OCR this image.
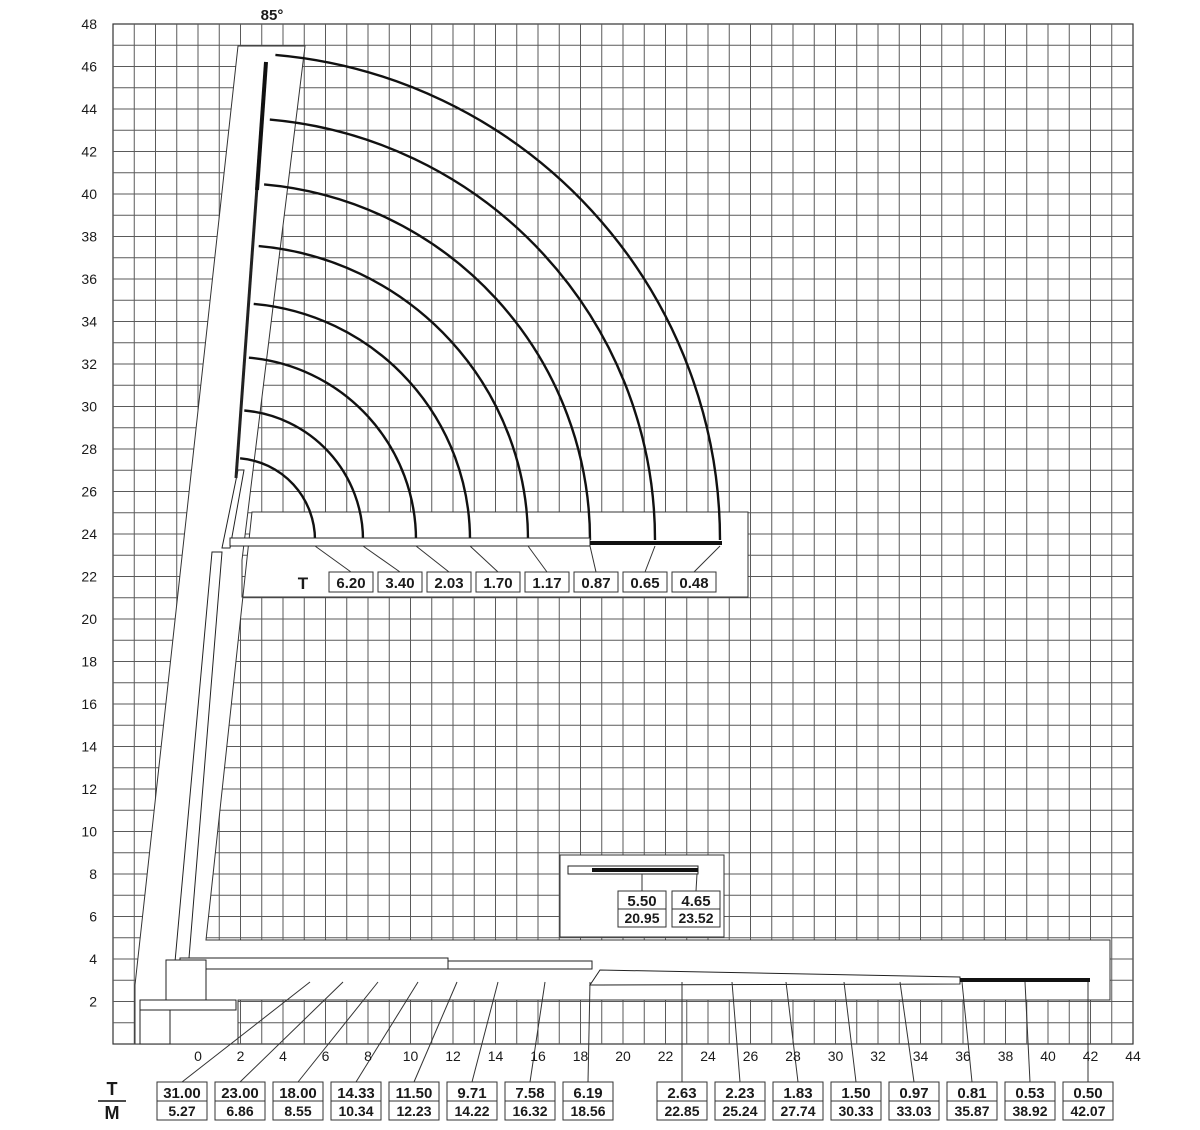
48
46
44
42
40
38
36
34
32
30
28
26
24
22
20
18
16
14
12
10
8
6
4
2
0 2 4 6 8 10 12 14 16 18 20 22 24 26 28 30 32 34 36 38 40 42 44
85°
T 6.20 3.40 2.03 1.70 1.17 0.87 0.65 0.48
5.50
20.95
4.65
23.52
T
M
31.00
5.27
23.00
6.86
18.00
8.55
14.33
10.34
11.50
12.23
9.71
14.22
7.58
16.32
6.19
18.56
2.63
22.85
2.23
25.24
1.83
27.74
1.50
30.33
0.97
33.03
0.81
35.87
0.53
38.92
0.50
42.07
